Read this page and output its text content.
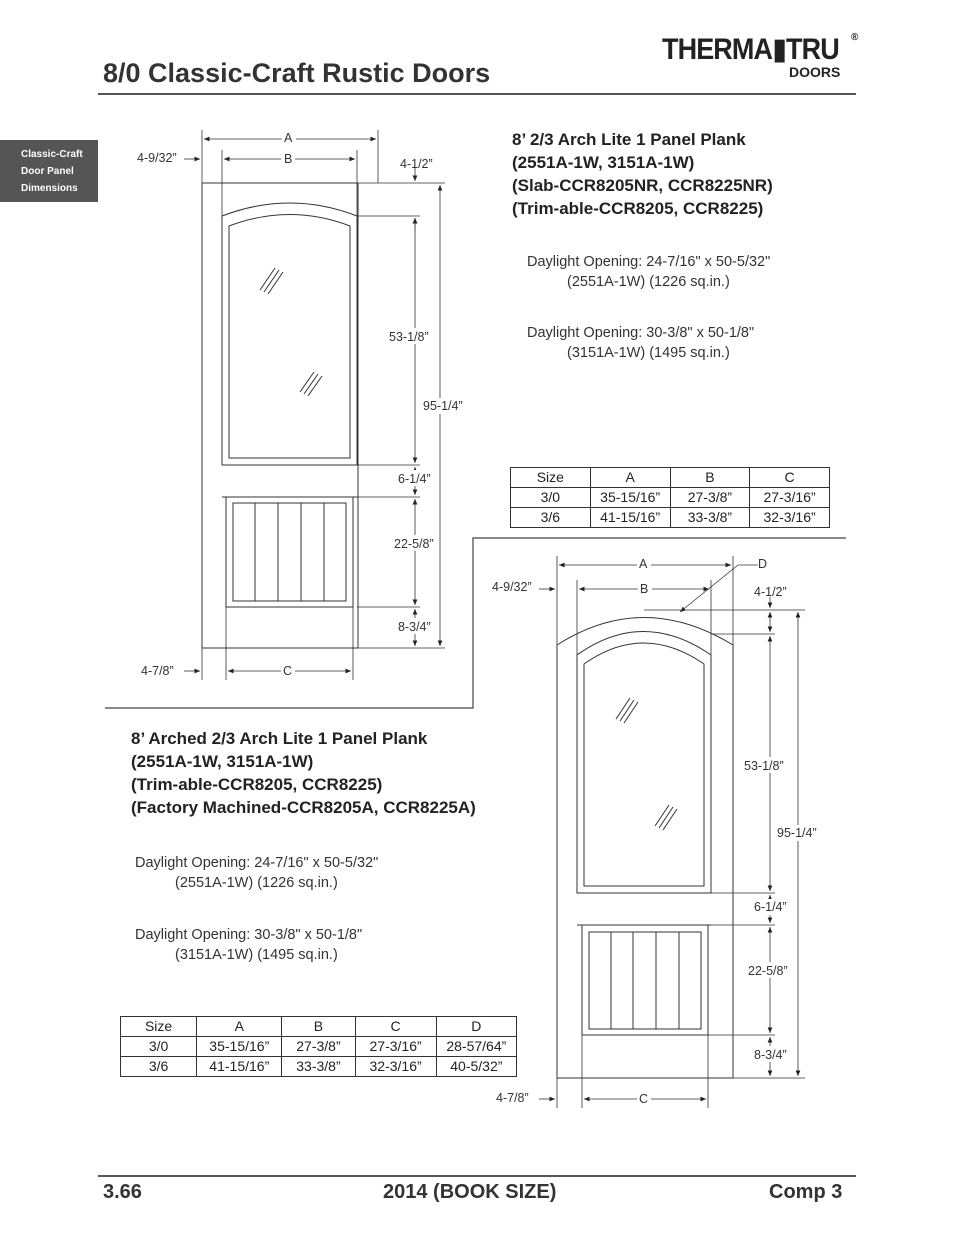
8/0 Classic-Craft Rustic Doors
THERMA▮TRU ®
DOORS
Classic-Craft
Door Panel
Dimensions
A
B
4-9/32”	4-1/2”
53-1/8”
95-1/4”
6-1/4”
22-5/8”
8-3/4”
4-7/8”	C
8’ 2/3 Arch Lite 1 Panel Plank
(2551A-1W, 3151A-1W)
(Slab-CCR8205NR, CCR8225NR)
(Trim-able-CCR8205, CCR8225)
Daylight Opening: 24-7/16" x 50-5/32"
(2551A-1W) (1226 sq.in.)
Daylight Opening: 30-3/8" x 50-1/8"
(3151A-1W) (1495 sq.in.)
Size	A	B	C
3/0	35-15/16”	27-3/8”	27-3/16”
3/6	41-15/16”	33-3/8”	32-3/16”
A	D
B
4-9/32”	4-1/2”
53-1/8”
95-1/4”
6-1/4”
22-5/8”
8-3/4”
4-7/8”	C
8’ Arched 2/3 Arch Lite 1 Panel Plank
(2551A-1W, 3151A-1W)
(Trim-able-CCR8205, CCR8225)
(Factory Machined-CCR8205A, CCR8225A)
Daylight Opening: 24-7/16" x 50-5/32"
(2551A-1W) (1226 sq.in.)
Daylight Opening: 30-3/8" x 50-1/8"
(3151A-1W) (1495 sq.in.)
Size	A	B	C	D
3/0	35-15/16”	27-3/8”	27-3/16”	28-57/64”
3/6	41-15/16”	33-3/8”	32-3/16”	40-5/32”
3.66	2014 (BOOK SIZE)	Comp 3
